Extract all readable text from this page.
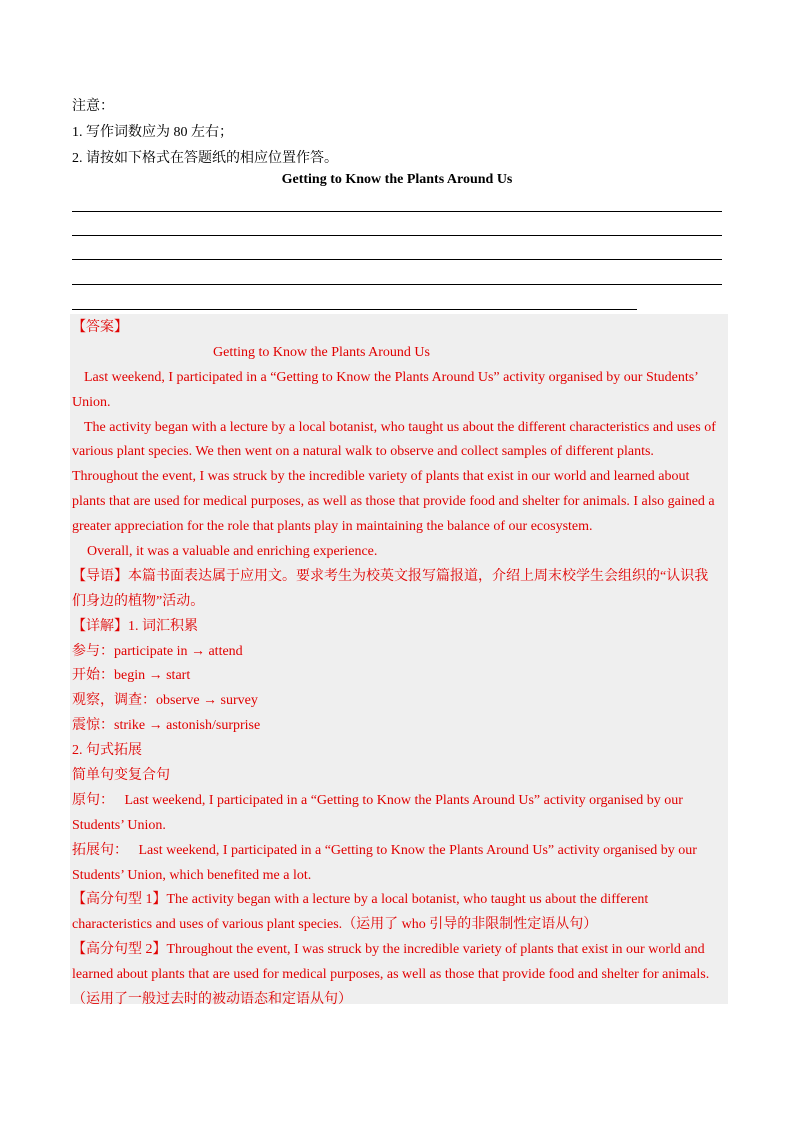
注意：

1. 写作词数应为 80 左右；

2. 请按如下格式在答题纸的相应位置作答。

Getting to Know the Plants Around Us

【答案】

Getting to Know the Plants Around Us

Last weekend, I participated in a “Getting to Know the Plants Around Us” activity organised by our Students’

Union.

The activity began with a lecture by a local botanist, who taught us about the different characteristics and uses of

various plant species. We then went on a natural walk to observe and collect samples of different plants.

Throughout the event, I was struck by the incredible variety of plants that exist in our world and learned about

plants that are used for medical purposes, as well as those that provide food and shelter for animals. I also gained a

greater appreciation for the role that plants play in maintaining the balance of our ecosystem.

Overall, it was a valuable and enriching experience.

【导语】本篇书面表达属于应用文。要求考生为校英文报写篇报道，介绍上周末校学生会组织的“认识我

们身边的植物”活动。

【详解】1. 词汇积累

参与：participate in → attend

开始：begin → start

观察，调查：observe → survey

震惊：strike → astonish/surprise

2. 句式拓展

简单句变复合句

原句： Last weekend, I participated in a “Getting to Know the Plants Around Us” activity organised by our

Students’ Union.

拓展句： Last weekend, I participated in a “Getting to Know the Plants Around Us” activity organised by our

Students’ Union, which benefited me a lot.

【高分句型 1】The activity began with a lecture by a local botanist, who taught us about the different

characteristics and uses of various plant species.（运用了 who 引导的非限制性定语从句）

【高分句型 2】Throughout the event, I was struck by the incredible variety of plants that exist in our world and

learned about plants that are used for medical purposes, as well as those that provide food and shelter for animals.

（运用了一般过去时的被动语态和定语从句）
